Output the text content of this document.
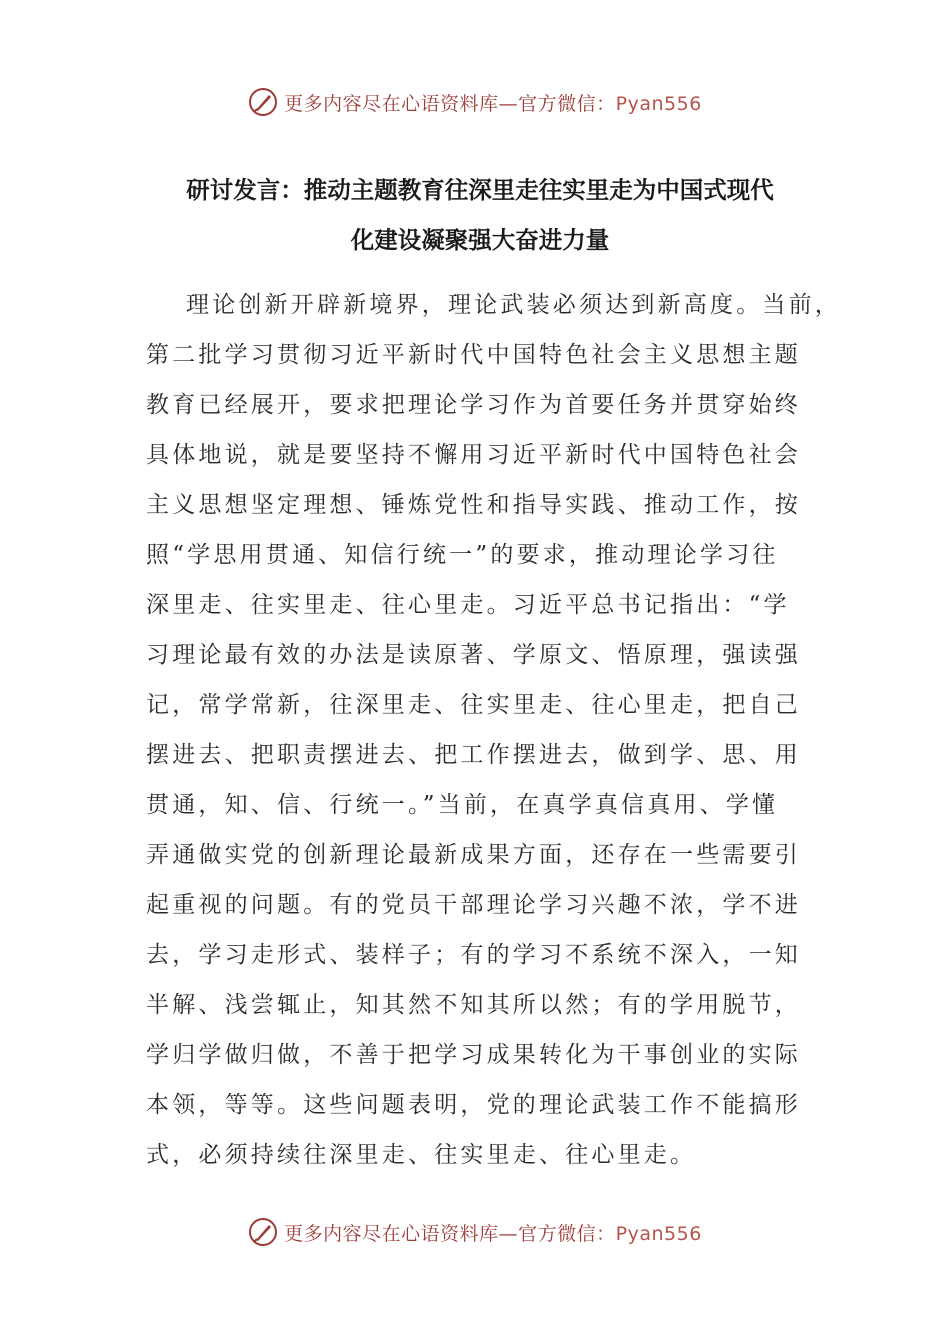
更多内容尽在心语资料库—官方微信：Pyan556
研讨发言：推动主题教育往深里走往实里走为中国式现代
化建设凝聚强大奋进力量
理论创新开辟新境界，理论武装必须达到新高度。当前，
第二批学习贯彻习近平新时代中国特色社会主义思想主题
教育已经展开，要求把理论学习作为首要任务并贯穿始终
具体地说，就是要坚持不懈用习近平新时代中国特色社会
主义思想坚定理想、锤炼党性和指导实践、推动工作，按
照“学思用贯通、知信行统一”的要求，推动理论学习往
深里走、往实里走、往心里走。习近平总书记指出：“学
习理论最有效的办法是读原著、学原文、悟原理，强读强
记，常学常新，往深里走、往实里走、往心里走，把自己
摆进去、把职责摆进去、把工作摆进去，做到学、思、用
贯通，知、信、行统一。”当前，在真学真信真用、学懂
弄通做实党的创新理论最新成果方面，还存在一些需要引
起重视的问题。有的党员干部理论学习兴趣不浓，学不进
去，学习走形式、装样子；有的学习不系统不深入，一知
半解、浅尝辄止，知其然不知其所以然；有的学用脱节，
学归学做归做，不善于把学习成果转化为干事创业的实际
本领，等等。这些问题表明，党的理论武装工作不能搞形
式，必须持续往深里走、往实里走、往心里走。
更多内容尽在心语资料库—官方微信：Pyan556
